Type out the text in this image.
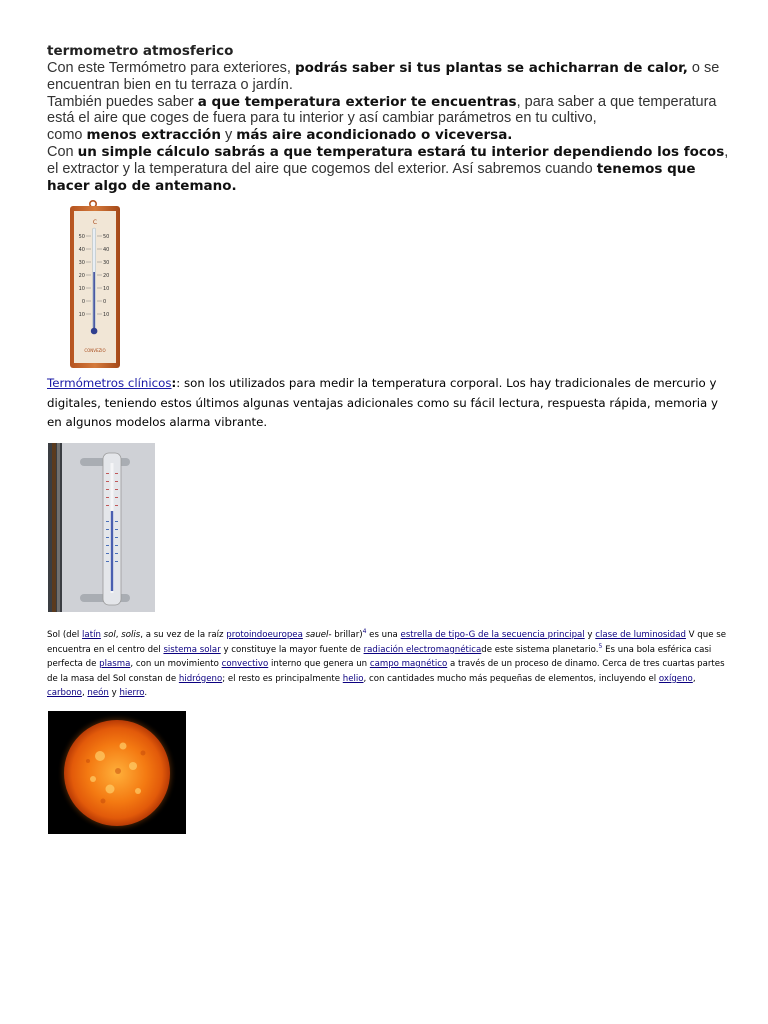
termometro atmosferico

Con este Termómetro para exteriores, podrás saber si tus plantas se achicharran de calor, o se encuentran bien en tu terraza o jardín.
También puedes saber a que temperatura exterior te encuentras, para saber a que temperatura está el aire que coges de fuera para tu interior y así cambiar parámetros en tu cultivo,
como menos extracción y más aire acondicionado o viceversa.
Con un simple cálculo sabrás a que temperatura estará tu interior dependiendo los focos, el extractor y la temperatura del aire que cogemos del exterior. Así sabremos cuando tenemos que hacer algo de antemano.

C
50
40
30
20
10
0
10
50
40
30
20
10
0
10
CONVEZIO
Termómetros clínicos:: son los utilizados para medir la temperatura corporal. Los hay tradicionales de mercurio y digitales, teniendo estos últimos algunas ventajas adicionales como su fácil lectura, respuesta rápida, memoria y en algunos modelos alarma vibrante.
Sol (del latín sol, solis, a su vez de la raíz protoindoeuropea sauel- brillar)$^4$ es una estrella de tipo-G de la secuencia principal y clase de luminosidad V que se encuentra en el centro del sistema solar y constituye la mayor fuente de radiación electromagnéticade este sistema planetario.$^5$ Es una bola esférica casi perfecta de plasma, con un movimiento convectivo interno que genera un campo magnético a través de un proceso de dinamo. Cerca de tres cuartas partes de la masa del Sol constan de hidrógeno; el resto es principalmente helio, con cantidades mucho más pequeñas de elementos, incluyendo el oxígeno, carbono, neón y hierro.
